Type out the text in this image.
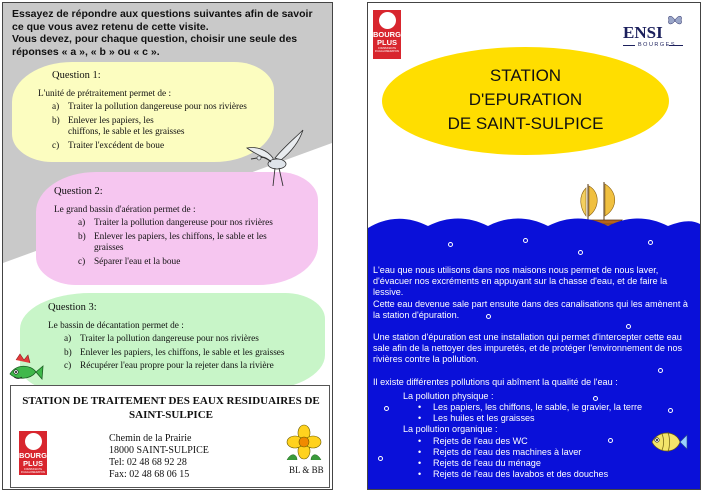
Essayez de répondre aux questions suivantes afin de savoir ce que vous avez retenu de cette visite.

Vous devez, pour chaque question, choisir une seule des réponses « a », « b » ou « c ».

Question 1:
L'unité de prétraitement permet de :
a) Traiter la pollution dangereuse pour nos rivières
b) Enlever les papiers, les chiffons, le sable et les graisses
c) Traiter l'excédent de boue
Question 2:
Le grand bassin d'aération permet de :
a) Traiter la pollution dangereuse pour nos rivières
b) Enlever les papiers, les chiffons, le sable et les graisses
c) Séparer l'eau et la boue
Question 3:
Le bassin de décantation permet de :
a) Traiter la pollution dangereuse pour nos rivières
b) Enlever les papiers, les chiffons, le sable et les graisses
c) Récupérer l'eau propre pour la rejeter dans la rivière
STATION DE TRAITEMENT DES EAUX RESIDUAIRES DE
SAINT-SULPICE
BOURGES
PLUS
COMMUNAUTE D'AGGLOMERATION
Chemin de la Prairie
18000 SAINT-SULPICE
Tel: 02 48 68 92 28
Fax: 02 48 68 06 15	BL & BB
BOURGES
PLUS
COMMUNAUTE D'AGGLOMERATION
ENSI
BOURGES
STATION
D'EPURATION
DE SAINT-SULPICE

L'eau que nous utilisons dans nos maisons nous permet de nous laver, d'évacuer nos excréments en appuyant sur la chasse d'eau, et de faire la lessive.

Cette eau devenue sale part ensuite dans des canalisations qui les amènent à la station d'épuration.

Une station d'épuration est une installation qui permet d'intercepter cette eau sale afin de la nettoyer des impuretés, et de protéger l'environnement de nos rivières contre la pollution.

Il existe différentes pollutions qui abîment la qualité de l'eau :
La pollution physique :
•	Les papiers, les chiffons, le sable, le gravier, la terre
•	Les huiles et les graisses
La pollution organique :
•	Rejets de l'eau des WC
•	Rejets de l'eau des machines à laver
•	Rejets de l'eau du ménage
•	Rejets de l'eau des lavabos et des douches
